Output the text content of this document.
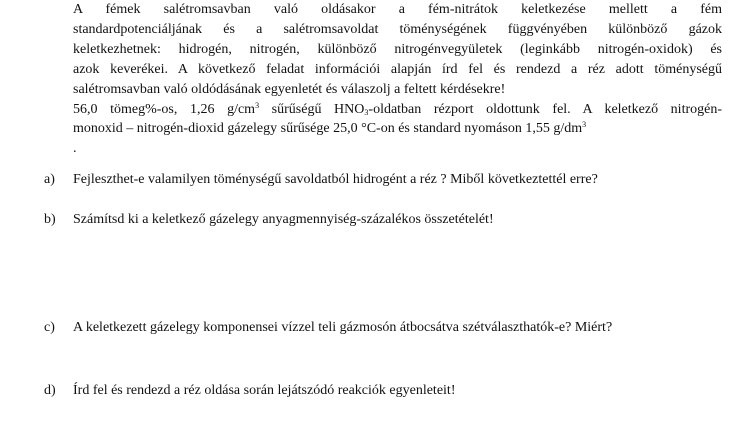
A fémek salétromsavban való oldásakor a fém-nitrátok keletkezése mellett a fém

standardpotenciáljának és a salétromsavoldat töménységének függvényében különböző gázok

keletkezhetnek: hidrogén, nitrogén, különböző nitrogénvegyületek (leginkább nitrogén-oxidok) és

azok keverékei. A következő feladat információi alapján írd fel és rendezd a réz adott töménységű

salétromsavban való oldódásának egyenletét és válaszolj a feltett kérdésekre!

56,0 tömeg%-os, 1,26 $g/cm^3$ sűrűségű $HNO_3$-oldatban rézport oldottunk fel. A keletkező nitrogén-

monoxid – nitrogén-dioxid gázelegy sűrűsége 25,0 °C-on és standard nyomáson 1,55 $g/dm^3$

.

a) Fejleszthet-e valamilyen töménységű savoldatból hidrogént a réz ? Miből következtettél erre?
b) Számítsd ki a keletkező gázelegy anyagmennyiség-százalékos összetételét!
c) A keletkezett gázelegy komponensei vízzel teli gázmosón átbocsátva szétválaszthatók-e? Miért?
d) Írd fel és rendezd a réz oldása során lejátszódó reakciók egyenleteit!
